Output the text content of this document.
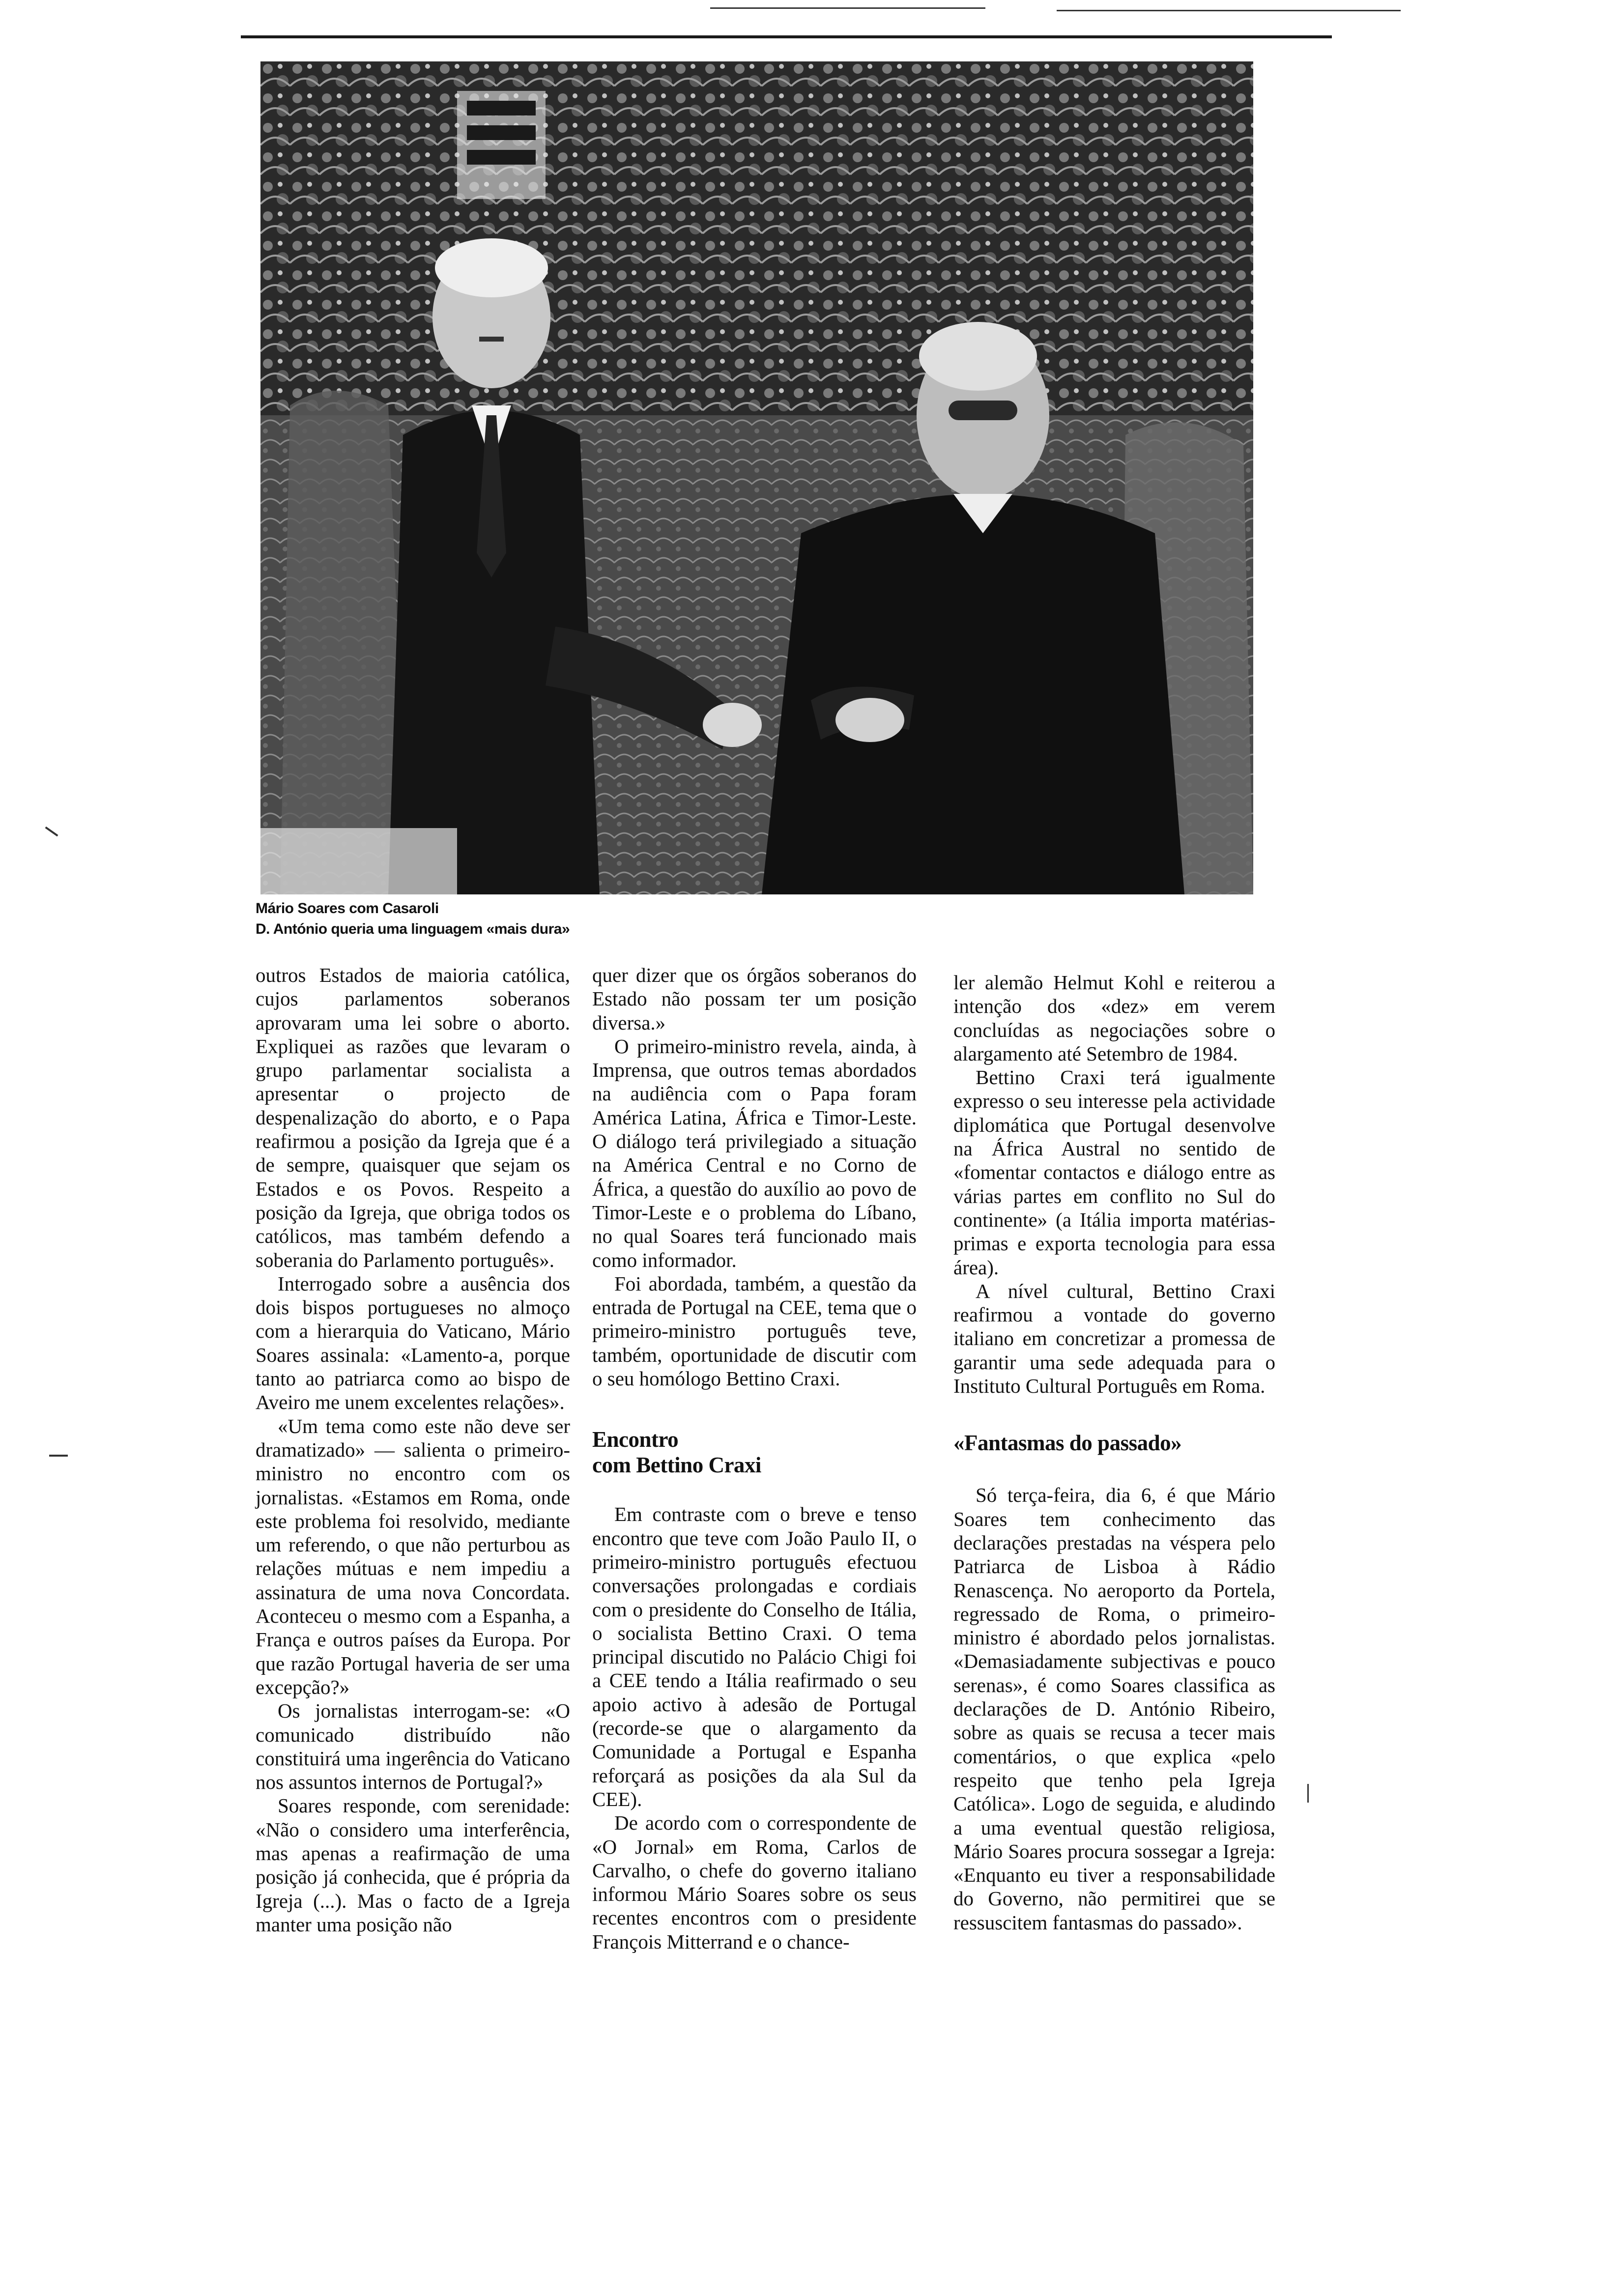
Mário Soares com Casaroli
D. António queria uma linguagem «mais dura»

outros Estados de maioria católica, cujos parlamentos soberanos aprovaram uma lei sobre o aborto. Expliquei as razões que levaram o grupo parlamentar socialista a apresentar o projecto de despenalização do aborto, e o Papa reafirmou a posição da Igreja que é a de sempre, quaisquer que sejam os Estados e os Povos. Respeito a posição da Igreja, que obriga todos os católicos, mas também defendo a soberania do Parlamento português».

Interrogado sobre a ausência dos dois bispos portugueses no almoço com a hierarquia do Vaticano, Mário Soares assinala: «Lamento-a, porque tanto ao patriarca como ao bispo de Aveiro me unem excelentes relações».

«Um tema como este não deve ser dramatizado» — salienta o primeiro-ministro no encontro com os jornalistas. «Estamos em Roma, onde este problema foi resolvido, mediante um referendo, o que não perturbou as relações mútuas e nem impediu a assinatura de uma nova Concordata. Aconteceu o mesmo com a Espanha, a França e outros países da Europa. Por que razão Portugal haveria de ser uma excepção?»

Os jornalistas interrogam-se: «O comunicado distribuído não constituirá uma ingerência do Vaticano nos assuntos internos de Portugal?»

Soares responde, com serenidade: «Não o considero uma interferência, mas apenas a reafirmação de uma posição já conhecida, que é própria da Igreja (...). Mas o facto de a Igreja manter uma posição não

quer dizer que os órgãos soberanos do Estado não possam ter um posição diversa.»

O primeiro-ministro revela, ainda, à Imprensa, que outros temas abordados na audiência com o Papa foram América Latina, África e Timor-Leste. O diálogo terá privilegiado a situação na América Central e no Corno de África, a questão do auxílio ao povo de Timor-Leste e o problema do Líbano, no qual Soares terá funcionado mais como informador.

Foi abordada, também, a questão da entrada de Portugal na CEE, tema que o primeiro-ministro português teve, também, oportunidade de discutir com o seu homólogo Bettino Craxi.

Encontro
com Bettino Craxi

Em contraste com o breve e tenso encontro que teve com João Paulo II, o primeiro-ministro português efectuou conversações prolongadas e cordiais com o presidente do Conselho de Itália, o socialista Bettino Craxi. O tema principal discutido no Palácio Chigi foi a CEE tendo a Itália reafirmado o seu apoio activo à adesão de Portugal (recorde-se que o alargamento da Comunidade a Portugal e Espanha reforçará as posições da ala Sul da CEE).

De acordo com o correspondente de «O Jornal» em Roma, Carlos de Carvalho, o chefe do governo italiano informou Mário Soares sobre os seus recentes encontros com o presidente François Mitterrand e o chance-

ler alemão Helmut Kohl e reiterou a intenção dos «dez» em verem concluídas as negociações sobre o alargamento até Setembro de 1984.

Bettino Craxi terá igualmente expresso o seu interesse pela actividade diplomática que Portugal desenvolve na África Austral no sentido de «fomentar contactos e diálogo entre as várias partes em conflito no Sul do continente» (a Itália importa matérias-primas e exporta tecnologia para essa área).

A nível cultural, Bettino Craxi reafirmou a vontade do governo italiano em concretizar a promessa de garantir uma sede adequada para o Instituto Cultural Português em Roma.

«Fantasmas do passado»

Só terça-feira, dia 6, é que Mário Soares tem conhecimento das declarações prestadas na véspera pelo Patriarca de Lisboa à Rádio Renascença. No aeroporto da Portela, regressado de Roma, o primeiro-ministro é abordado pelos jornalistas. «Demasiadamente subjectivas e pouco serenas», é como Soares classifica as declarações de D. António Ribeiro, sobre as quais se recusa a tecer mais comentários, o que explica «pelo respeito que tenho pela Igreja Católica». Logo de seguida, e aludindo a uma eventual questão religiosa, Mário Soares procura sossegar a Igreja: «Enquanto eu tiver a responsabilidade do Governo, não permitirei que se ressuscitem fantasmas do passado».
